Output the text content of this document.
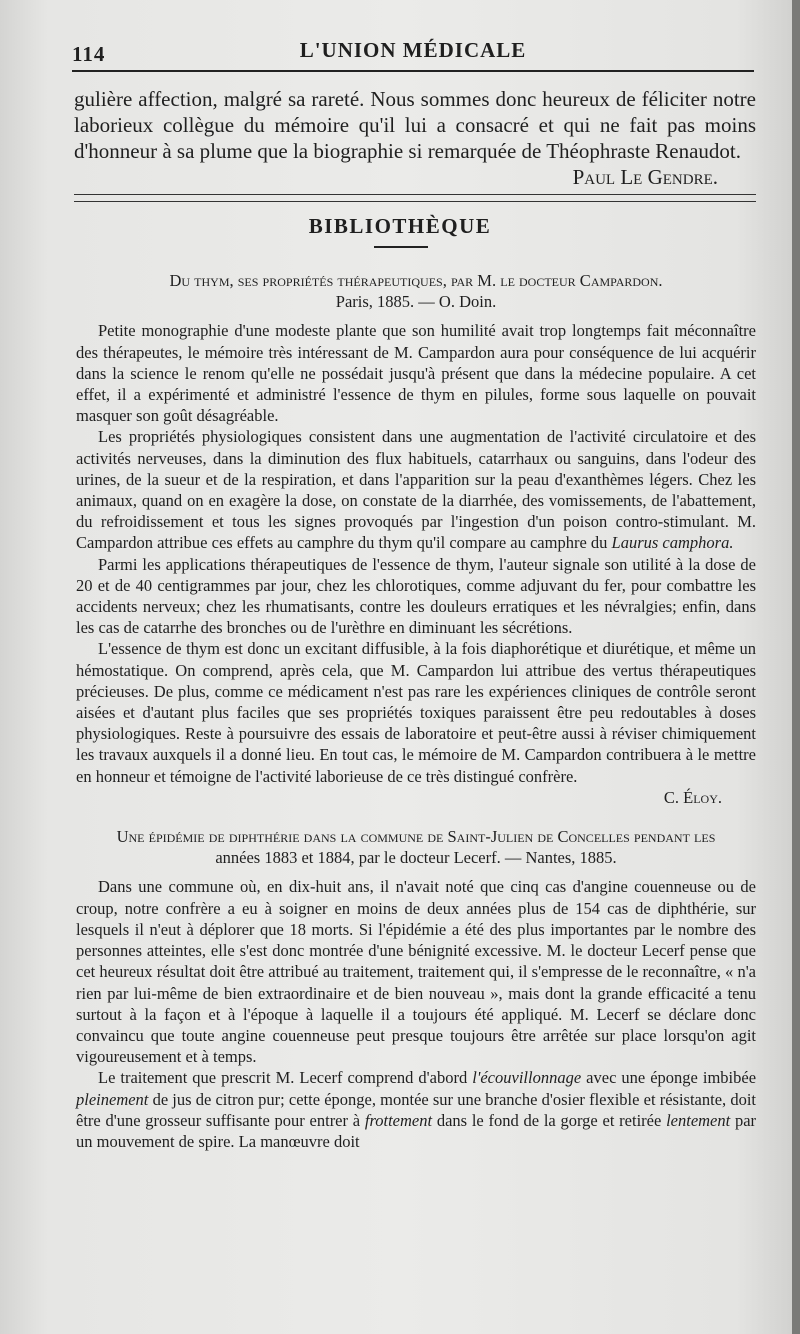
114	L'UNION MÉDICALE

gulière affection, malgré sa rareté. Nous sommes donc heureux de féliciter notre laborieux collègue du mémoire qu'il lui a consacré et qui ne fait pas moins d'honneur à sa plume que la biographie si remarquée de Théophraste Renaudot.

Paul Le Gendre.

BIBLIOTHÈQUE

Du thym, ses propriétés thérapeutiques, par M. le docteur Campardon.
Paris, 1885. — O. Doin.

Petite monographie d'une modeste plante que son humilité avait trop longtemps fait méconnaître des thérapeutes, le mémoire très intéressant de M. Campardon aura pour conséquence de lui acquérir dans la science le renom qu'elle ne possédait jusqu'à présent que dans la médecine populaire. A cet effet, il a expérimenté et administré l'essence de thym en pilules, forme sous laquelle on pouvait masquer son goût désagréable.

Les propriétés physiologiques consistent dans une augmentation de l'activité circulatoire et des activités nerveuses, dans la diminution des flux habituels, catarrhaux ou sanguins, dans l'odeur des urines, de la sueur et de la respiration, et dans l'apparition sur la peau d'exanthèmes légers. Chez les animaux, quand on en exagère la dose, on constate de la diarrhée, des vomissements, de l'abattement, du refroidissement et tous les signes provoqués par l'ingestion d'un poison contro-stimulant. M. Campardon attribue ces effets au camphre du thym qu'il compare au camphre du Laurus camphora.

Parmi les applications thérapeutiques de l'essence de thym, l'auteur signale son utilité à la dose de 20 et de 40 centigrammes par jour, chez les chlorotiques, comme adjuvant du fer, pour combattre les accidents nerveux; chez les rhumatisants, contre les douleurs erratiques et les névralgies; enfin, dans les cas de catarrhe des bronches ou de l'urèthre en diminuant les sécrétions.

L'essence de thym est donc un excitant diffusible, à la fois diaphorétique et diurétique, et même un hémostatique. On comprend, après cela, que M. Campardon lui attribue des vertus thérapeutiques précieuses. De plus, comme ce médicament n'est pas rare les expériences cliniques de contrôle seront aisées et d'autant plus faciles que ses propriétés toxiques paraissent être peu redoutables à doses physiologiques. Reste à poursuivre des essais de laboratoire et peut-être aussi à réviser chimiquement les travaux auxquels il a donné lieu. En tout cas, le mémoire de M. Campardon contribuera à le mettre en honneur et témoigne de l'activité laborieuse de ce très distingué confrère.

C. Éloy.

Une épidémie de diphthérie dans la commune de Saint-Julien de Concelles pendant les
années 1883 et 1884, par le docteur Lecerf. — Nantes, 1885.

Dans une commune où, en dix-huit ans, il n'avait noté que cinq cas d'angine couenneuse ou de croup, notre confrère a eu à soigner en moins de deux années plus de 154 cas de diphthérie, sur lesquels il n'eut à déplorer que 18 morts. Si l'épidémie a été des plus importantes par le nombre des personnes atteintes, elle s'est donc montrée d'une bénignité excessive. M. le docteur Lecerf pense que cet heureux résultat doit être attribué au traitement, traitement qui, il s'empresse de le reconnaître, « n'a rien par lui-même de bien extraordinaire et de bien nouveau », mais dont la grande efficacité a tenu surtout à la façon et à l'époque à laquelle il a toujours été appliqué. M. Lecerf se déclare donc convaincu que toute angine couenneuse peut presque toujours être arrêtée sur place lorsqu'on agit vigoureusement et à temps.

Le traitement que prescrit M. Lecerf comprend d'abord l'écouvillonnage avec une éponge imbibée pleinement de jus de citron pur; cette éponge, montée sur une branche d'osier flexible et résistante, doit être d'une grosseur suffisante pour entrer à frottement dans le fond de la gorge et retirée lentement par un mouvement de spire. La manœuvre doit
